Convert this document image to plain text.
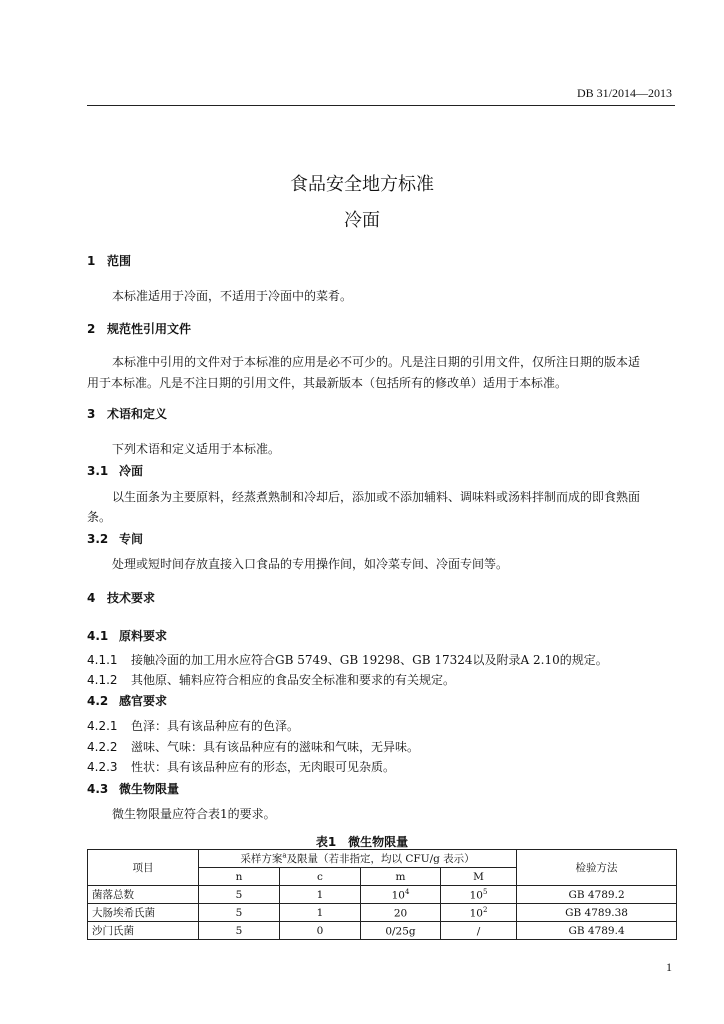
DB 31/2014—2013
食品安全地方标准
冷面
1 范围
本标准适用于冷面，不适用于冷面中的菜肴。
2 规范性引用文件
本标准中引用的文件对于本标准的应用是必不可少的。凡是注日期的引用文件，仅所注日期的版本适
用于本标准。凡是不注日期的引用文件，其最新版本（包括所有的修改单）适用于本标准。
3 术语和定义
下列术语和定义适用于本标准。
3.1 冷面
以生面条为主要原料，经蒸煮熟制和冷却后，添加或不添加辅料、调味料或汤料拌制而成的即食熟面
条。
3.2 专间
处理或短时间存放直接入口食品的专用操作间，如冷菜专间、冷面专间等。
4 技术要求
4.1 原料要求
4.1.1 接触冷面的加工用水应符合GB 5749、GB 19298、GB 17324以及附录A 2.10的规定。
4.1.2 其他原、辅料应符合相应的食品安全标准和要求的有关规定。
4.2 感官要求
4.2.1 色泽：具有该品种应有的色泽。
4.2.2 滋味、气味：具有该品种应有的滋味和气味，无异味。
4.2.3 性状：具有该品种应有的形态，无肉眼可见杂质。
4.3 微生物限量
微生物限量应符合表1的要求。
表1　微生物限量
项目	采样方案$^a$及限量（若非指定，均以 CFU/g 表示）				检验方法
	n	c	m	M	
菌落总数	5	1	$10^4$	$10^5$	GB 4789.2
大肠埃希氏菌	5	1	20	$10^2$	GB 4789.38
沙门氏菌	5	0	0/25g	/	GB 4789.4
1
